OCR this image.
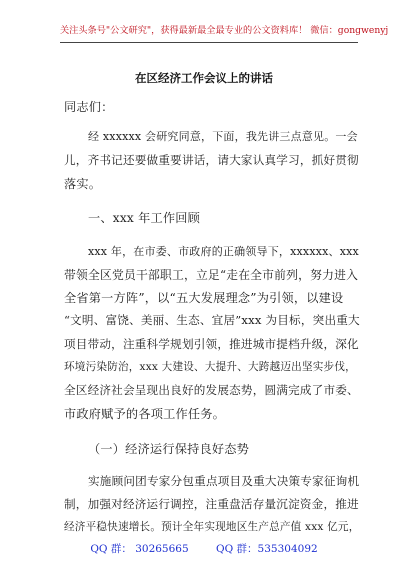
关注头条号"公文研究"，获得最新最全最专业的公文资料库！ 微信：gongwenyj
在区经济工作会议上的讲话
同志们：
经 xxxxxx 会研究同意，下面，我先讲三点意见。一会
儿，齐书记还要做重要讲话，请大家认真学习，抓好贯彻
落实。
一、xxx 年工作回顾
xxx 年，在市委、市政府的正确领导下，xxxxxx、xxx
带领全区党员干部职工，立足“走在全市前列，努力进入
全省第一方阵”，以“五大发展理念”为引领，以建设
“文明、富饶、美丽、生态、宜居”xxx 为目标，突出重大
项目带动，注重科学规划引领，推进城市提档升级，深化
环境污染防治，xxx 大建设、大提升、大跨越迈出坚实步伐，
全区经济社会呈现出良好的发展态势，圆满完成了市委、
市政府赋予的各项工作任务。
（一）经济运行保持良好态势
实施顾问团专家分包重点项目及重大决策专家征询机
制，加强对经济运行调控，注重盘活存量沉淀资金，推进
经济平稳快速增长。预计全年实现地区生产总产值 xxx 亿元，
QQ 群： 30265665	QQ 群：535304092
